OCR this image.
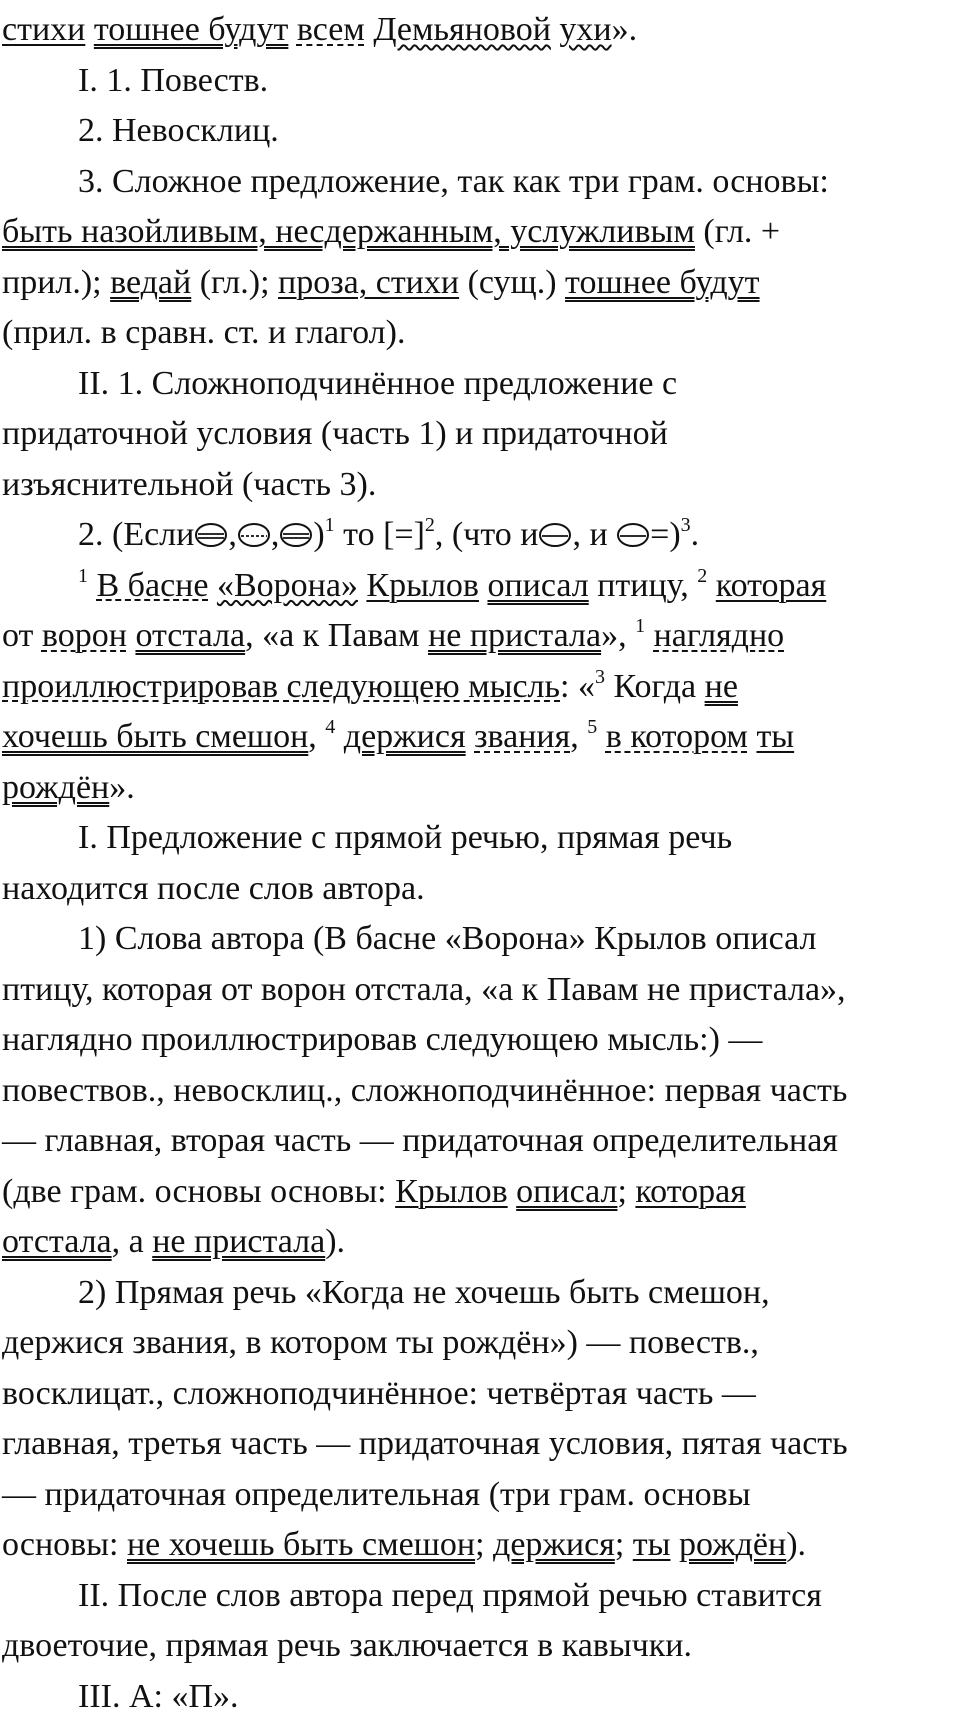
стихи тошнее будут всем Демьяновой ухи».
I. 1. Повеств.
2. Невосклиц.
3. Сложное предложение, так как три грам. основы:
быть назойливым, несдержанным, услужливым (гл. +
прил.); ведай (гл.); проза, стихи (сущ.) тошнее будут
(прил. в сравн. ст. и глагол).
II. 1. Сложноподчинённое предложение с
придаточной условия (часть 1) и придаточной
изъяснительной (часть 3).
2. (Если , , )$^1$ то [=]$^2$, (что и , и =)$^3$.
$^1$ В басне «Ворона» Крылов описал птицу, $^2$ которая
от ворон отстала, «а к Павам не пристала», $^1$ наглядно
проиллюстрировав следующею мысль: «$^3$ Когда не
хочешь быть смешон, $^4$ держися звания, $^5$ в котором ты
рождён».
I. Предложение с прямой речью, прямая речь
находится после слов автора.
1) Слова автора (В басне «Ворона» Крылов описал
птицу, которая от ворон отстала, «а к Павам не пристала»,
наглядно проиллюстрировав следующею мысль:) —
повествов., невосклиц., сложноподчинённое: первая часть
— главная, вторая часть — придаточная определительная
(две грам. основы основы: Крылов описал; которая
отстала, а не пристала).
2) Прямая речь «Когда не хочешь быть смешон,
держися звания, в котором ты рождён») — повеств.,
восклицат., сложноподчинённое: четвёртая часть —
главная, третья часть — придаточная условия, пятая часть
— придаточная определительная (три грам. основы
основы: не хочешь быть смешон; держися; ты рождён).
II. После слов автора перед прямой речью ставится
двоеточие, прямая речь заключается в кавычки.
III. А: «П».
